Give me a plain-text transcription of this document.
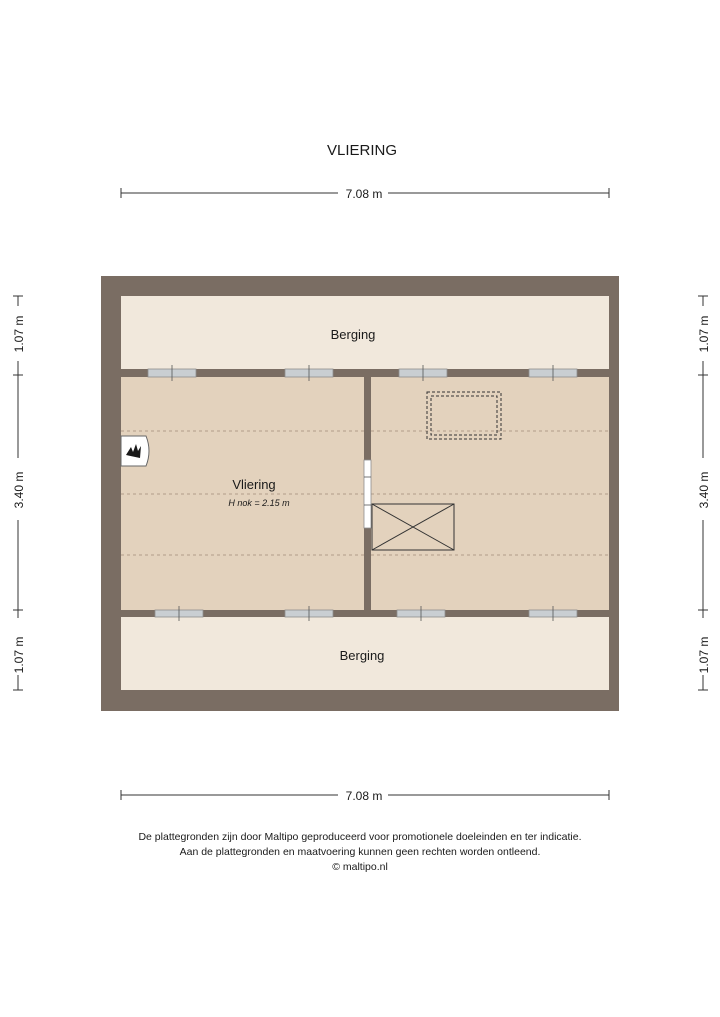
VLIERING
7.08 m
7.08 m
1.07 m
3.40 m
1.07 m
1.07 m
3.40 m
1.07 m
Berging
Vliering
H nok = 2.15 m
Berging
De plattegronden zijn door Maltipo geproduceerd voor promotionele doeleinden en ter indicatie.
Aan de plattegronden en maatvoering kunnen geen rechten worden ontleend.
© maltipo.nl
